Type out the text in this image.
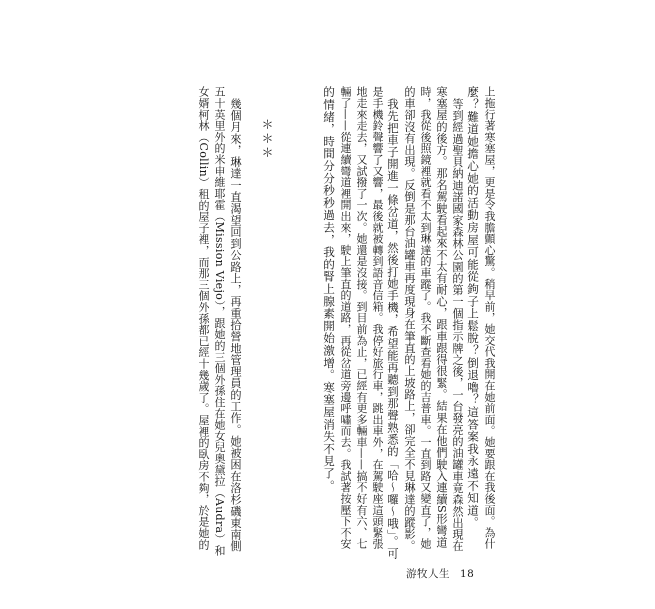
上拖行著寒塞屋，更是令我膽顫心驚。稍早前，她交代我開在她前面。她要跟在我後面。為什
麼？難道她擔心她的活動房屋可能從鉤子上鬆脫？倒退嚕？這答案我永遠不知道。
等到經過聖貝納迪諾國家森林公園的第一個指示牌之後，一台發亮的油罐車竟森然出現在
寒塞屋的後方。那名駕駛看起來不太有耐心，跟車跟得很緊。結果在他們駛入連續S形彎道
時，我從後照鏡裡就看不太到琳達的車蹤了。我不斷查看她的吉普車。一直到路又變直了，她
的車卻沒有出現。反倒是那台油罐車再度現身在筆直的上坡路上，卻完全不見琳達的蹤影。
我先把車子開進一條岔道，然後打她手機，希望能再聽到那聲熟悉的「哈〜囉〜哦」。可
是手機鈴聲響了又響，最後就被轉到語音信箱。我停好旅行車，跳出車外，在駕駛座這頭緊張
地走來走去，又試撥了一次。她還是沒接。到目前為止，已經有更多輛車——搞不好有六、七
輛了——從連續彎道裡開出來，駛上筆直的道路，再從岔道旁邊呼嘯而去。我試著按壓下不安
的情緒，時間分分秒秒過去，我的腎上腺素開始激增。寒塞屋消失不見了。
幾個月來，琳達一直渴望回到公路上，再重拾營地管理員的工作。她被困在洛杉磯東南側
五十英里外的米申維耶霍（Mission Viejo），跟她的三個外孫住在她女兒奧黛拉（Audra）和
女婿柯林（Collin）租的屋子裡，而那三個外孫都已經十幾歲了。屋裡的臥房不夠，於是她的	＊＊＊
游牧人生 18
